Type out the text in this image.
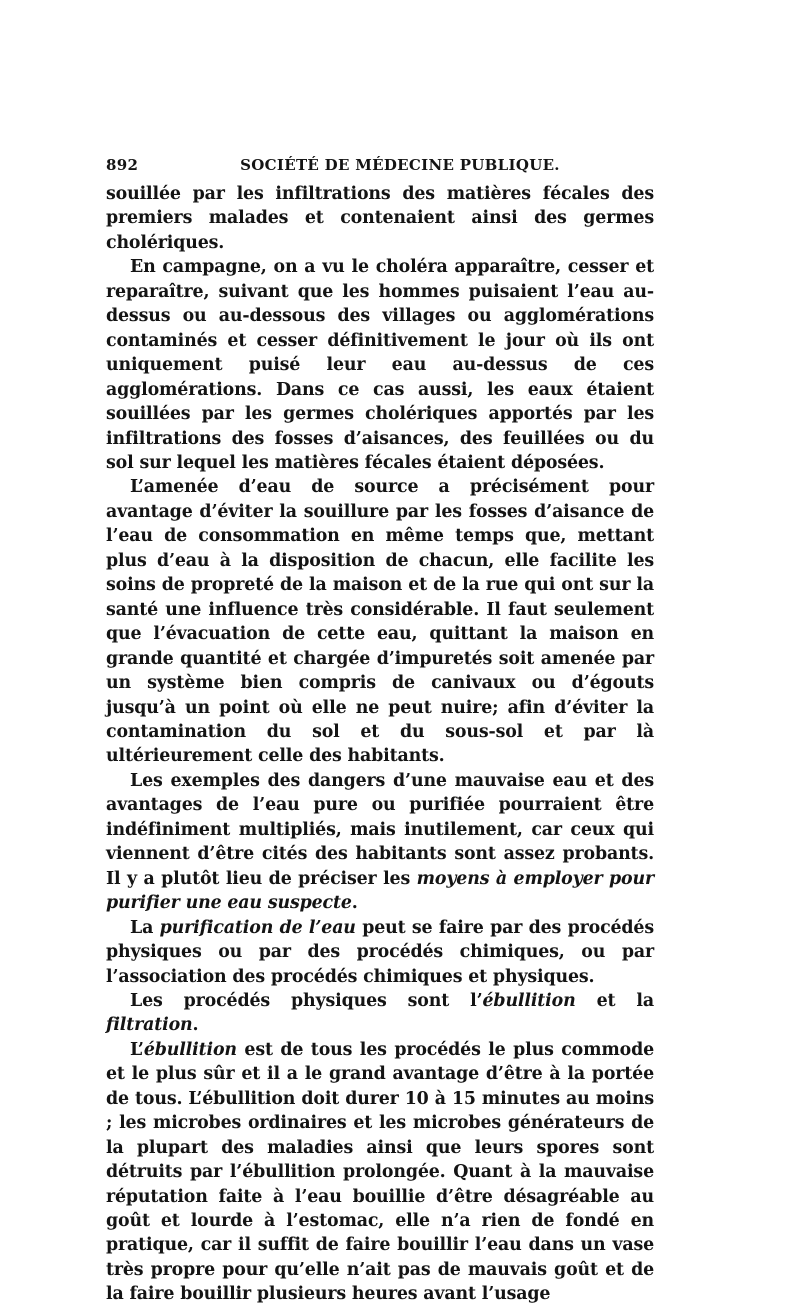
892	SOCIÉTÉ DE MÉDECINE PUBLIQUE.

souillée par les infiltrations des matières fécales des premiers malades et contenaient ainsi des germes cholériques.

En campagne, on a vu le choléra apparaître, cesser et reparaître, suivant que les hommes puisaient l’eau au-dessus ou au-dessous des villages ou agglomérations contaminés et cesser définitivement le jour où ils ont uniquement puisé leur eau au-dessus de ces agglomérations. Dans ce cas aussi, les eaux étaient souillées par les germes cholériques apportés par les infiltrations des fosses d’aisances, des feuillées ou du sol sur lequel les matières fécales étaient déposées.

L’amenée d’eau de source a précisément pour avantage d’éviter la souillure par les fosses d’aisance de l’eau de consommation en même temps que, mettant plus d’eau à la disposition de chacun, elle facilite les soins de propreté de la maison et de la rue qui ont sur la santé une influence très considérable. Il faut seulement que l’évacuation de cette eau, quittant la maison en grande quantité et chargée d’impuretés soit amenée par un système bien compris de canivaux ou d’égouts jusqu’à un point où elle ne peut nuire; afin d’éviter la contamination du sol et du sous-sol et par là ultérieurement celle des habitants.

Les exemples des dangers d’une mauvaise eau et des avantages de l’eau pure ou purifiée pourraient être indéfiniment multipliés, mais inutilement, car ceux qui viennent d’être cités des habitants sont assez probants. Il y a plutôt lieu de préciser les moyens à employer pour purifier une eau suspecte.

La purification de l’eau peut se faire par des procédés physiques ou par des procédés chimiques, ou par l’association des procédés chimiques et physiques.

Les procédés physiques sont l’ébullition et la filtration.

L’ébullition est de tous les procédés le plus commode et le plus sûr et il a le grand avantage d’être à la portée de tous. L’ébullition doit durer 10 à 15 minutes au moins ; les microbes ordinaires et les microbes générateurs de la plupart des maladies ainsi que leurs spores sont détruits par l’ébullition prolongée. Quant à la mauvaise réputation faite à l’eau bouillie d’être désagréable au goût et lourde à l’estomac, elle n’a rien de fondé en pratique, car il suffit de faire bouillir l’eau dans un vase très propre pour qu’elle n’ait pas de mauvais goût et de la faire bouillir plusieurs heures avant l’usage
